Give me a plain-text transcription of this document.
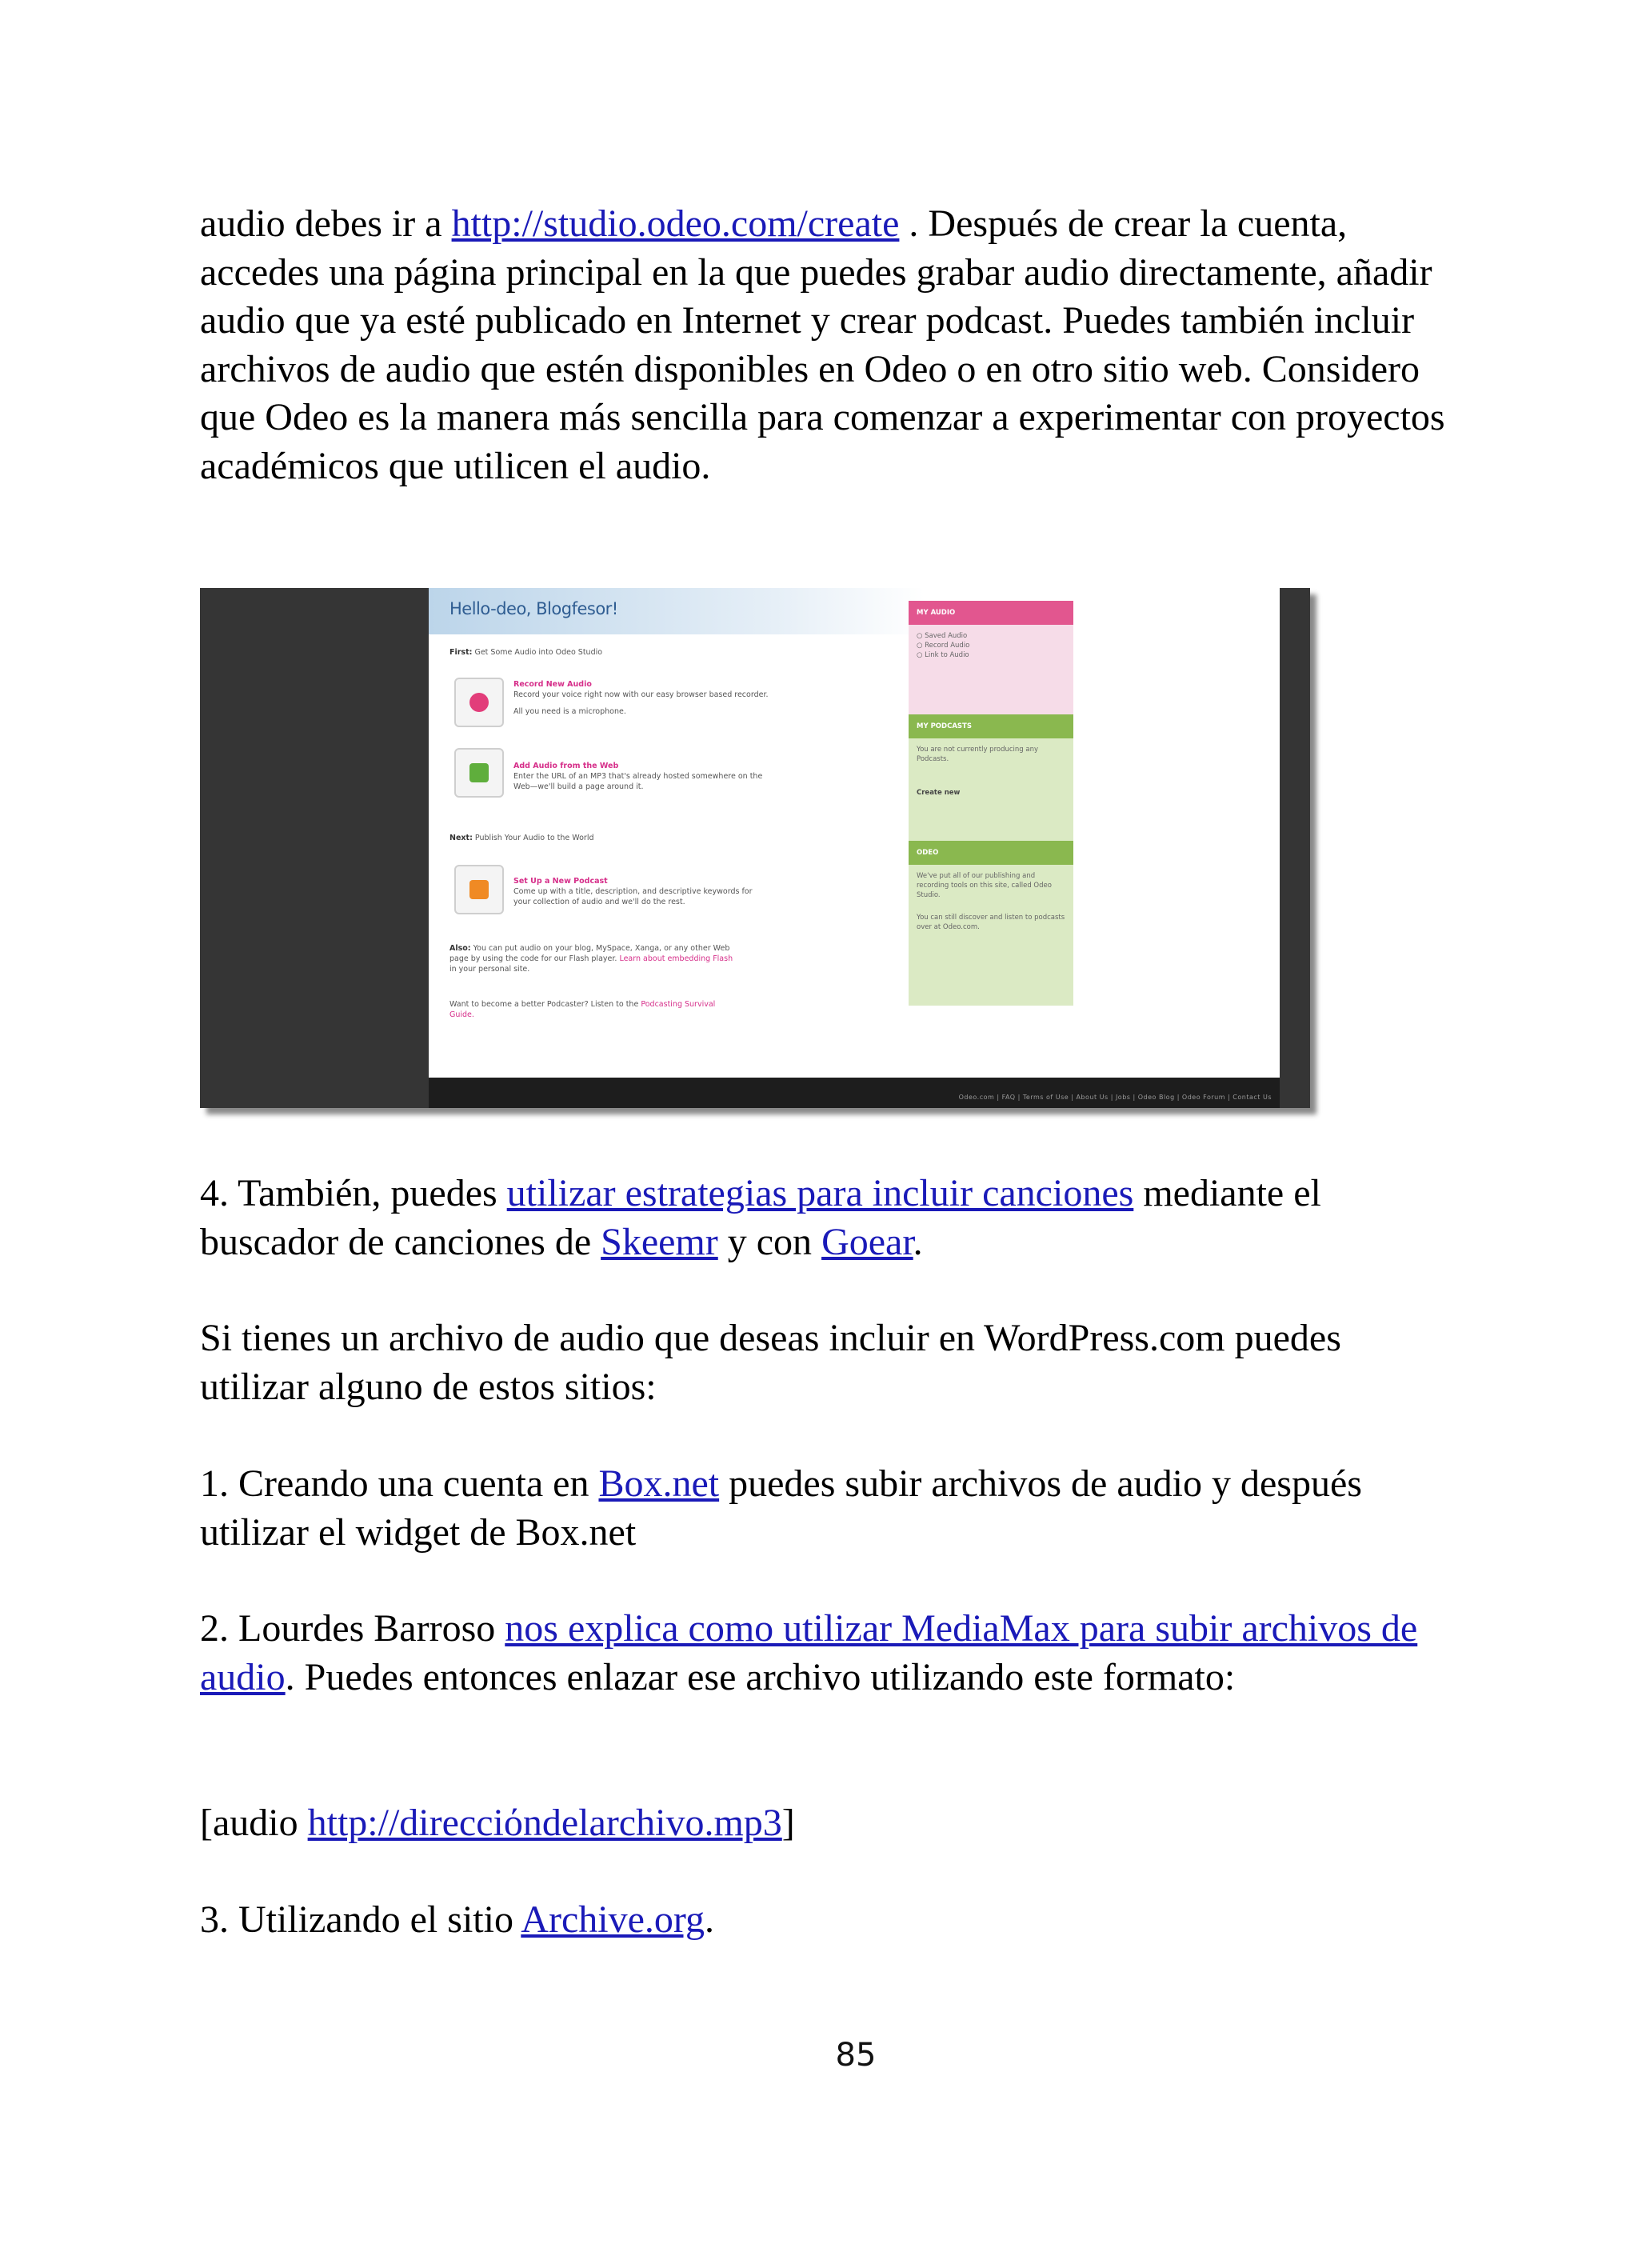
audio debes ir a http://studio.odeo.com/create . Después de crear la cuenta, accedes una página principal en la que puedes grabar audio directamente, añadir audio que ya esté publicado en Internet y crear podcast. Puedes también incluir archivos de audio que estén disponibles en Odeo o en otro sitio web. Considero que Odeo es la manera más sencilla para comenzar a experimentar con proyectos académicos que utilicen el audio.

Hello-deo, Blogfesor!
First: Get Some Audio into Odeo Studio
Record New Audio
Record your voice right now with our easy browser based recorder.
All you need is a microphone.
Add Audio from the Web
Enter the URL of an MP3 that's already hosted somewhere on the
Web—we'll build a page around it.
Next: Publish Your Audio to the World
Set Up a New Podcast
Come up with a title, description, and descriptive keywords for
your collection of audio and we'll do the rest.
Also: You can put audio on your blog, MySpace, Xanga, or any other Web
page by using the code for our Flash player. Learn about embedding Flash
in your personal site.
Want to become a better Podcaster? Listen to the Podcasting Survival
Guide.
MY AUDIO
○ Saved Audio
○ Record Audio
○ Link to Audio
MY PODCASTS
You are not currently producing any Podcasts.
Create new
ODEO
We've put all of our publishing and recording tools on this site, called Odeo Studio.
You can still discover and listen to podcasts over at Odeo.com.
Odeo.com | FAQ | Terms of Use | About Us | Jobs | Odeo Blog | Odeo Forum | Contact Us

4. También, puedes utilizar estrategias para incluir canciones mediante el buscador de canciones de Skeemr y con Goear.

Si tienes un archivo de audio que deseas incluir en WordPress.com puedes utilizar alguno de estos sitios:

1. Creando una cuenta en Box.net puedes subir archivos de audio y después utilizar el widget de Box.net

2. Lourdes Barroso nos explica como utilizar MediaMax para subir archivos de audio. Puedes entonces enlazar ese archivo utilizando este formato:

[audio http://direcciόndelarchivo.mp3]

3. Utilizando el sitio Archive.org.

85
